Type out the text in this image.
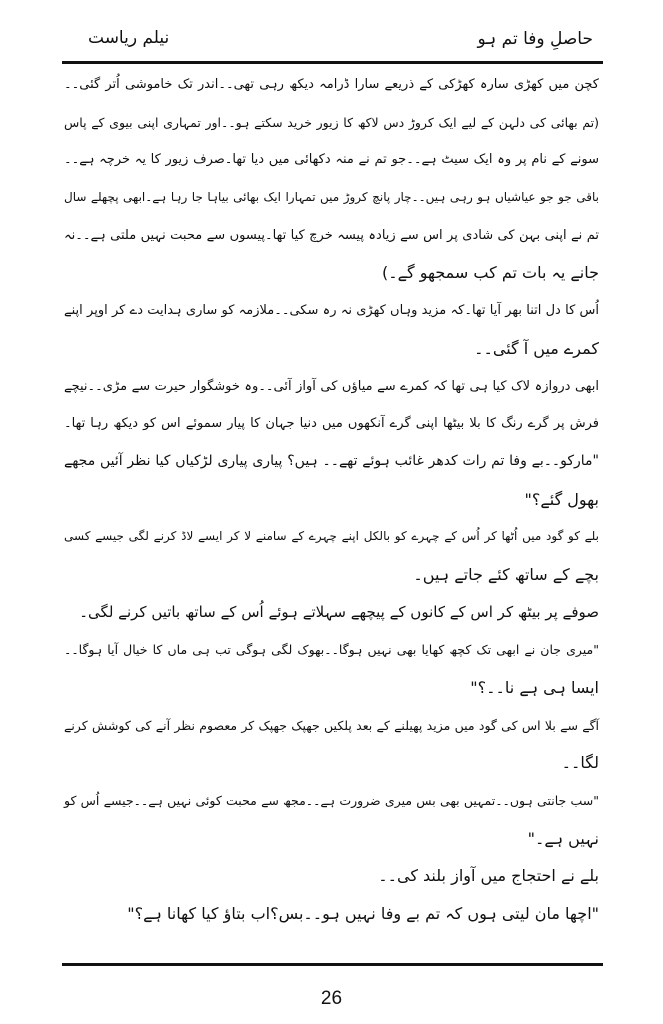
حاصلِ وفا تم ہو
نیلم ریاست
کچن میں کھڑی سارہ کھڑکی کے ذریعے سارا ڈرامہ دیکھ رہی تھی۔۔اندر تک خاموشی اُتر گئی۔۔
(تم بھائی کی دلہن کے لیے ایک کروڑ دس لاکھ کا زیور خرید سکتے ہو۔۔اور تمہاری اپنی بیوی کے پاس
سونے کے نام پر وہ ایک سیٹ ہے۔۔جو تم نے منہ دکھائی میں دیا تھا۔صرف زیور کا یہ خرچہ ہے۔۔
باقی جو جو عیاشیاں ہو رہی ہیں۔۔چار پانچ کروڑ میں تمہارا ایک بھائی بیاہا جا رہا ہے۔ابھی پچھلے سال
تم نے اپنی بہن کی شادی پر اس سے زیادہ پیسہ خرچ کیا تھا۔پیسوں سے محبت نہیں ملتی ہے۔۔نہ
جانے یہ بات تم کب سمجھو گے۔)
اُس کا دل اتنا بھر آیا تھا۔کہ مزید وہاں کھڑی نہ رہ سکی۔۔ملازمہ کو ساری ہدایت دے کر اوپر اپنے
کمرے میں آ گئی۔۔
ابھی دروازہ لاک کیا ہی تھا کہ کمرے سے میاؤں کی آواز آئی۔۔وہ خوشگوار حیرت سے مڑی۔۔نیچے
فرش پر گرے رنگ کا بلا بیٹھا اپنی گرے آنکھوں میں دنیا جہان کا پیار سموئے اس کو دیکھ رہا تھا۔
"مارکو۔۔بے وفا تم رات کدھر غائب ہوئے تھے۔۔ ہیں؟ پیاری پیاری لڑکیاں کیا نظر آئیں مجھے
بھول گئے؟"
بلے کو گود میں اُٹھا کر اُس کے چہرے کو بالکل اپنے چہرے کے سامنے لا کر ایسے لاڈ کرنے لگی جیسے کسی
بچے کے ساتھ کئے جاتے ہیں۔
صوفے پر بیٹھ کر اس کے کانوں کے پیچھے سہلاتے ہوئے اُس کے ساتھ باتیں کرنے لگی۔
"میری جان نے ابھی تک کچھ کھایا بھی نہیں ہوگا۔۔بھوک لگی ہوگی تب ہی ماں کا خیال آیا ہوگا۔۔
ایسا ہی ہے نا۔۔؟"
آگے سے بلا اس کی گود میں مزید پھیلنے کے بعد پلکیں جھپک جھپک کر معصوم نظر آنے کی کوشش کرنے
لگا۔۔
"سب جانتی ہوں۔۔تمہیں بھی بس میری ضرورت ہے۔۔مجھ سے محبت کوئی نہیں ہے۔۔جیسے اُس کو
نہیں ہے۔"
بلے نے احتجاج میں آواز بلند کی۔۔
"اچھا مان لیتی ہوں کہ تم بے وفا نہیں ہو۔۔بس؟اب بتاؤ کیا کھانا ہے؟"
26
